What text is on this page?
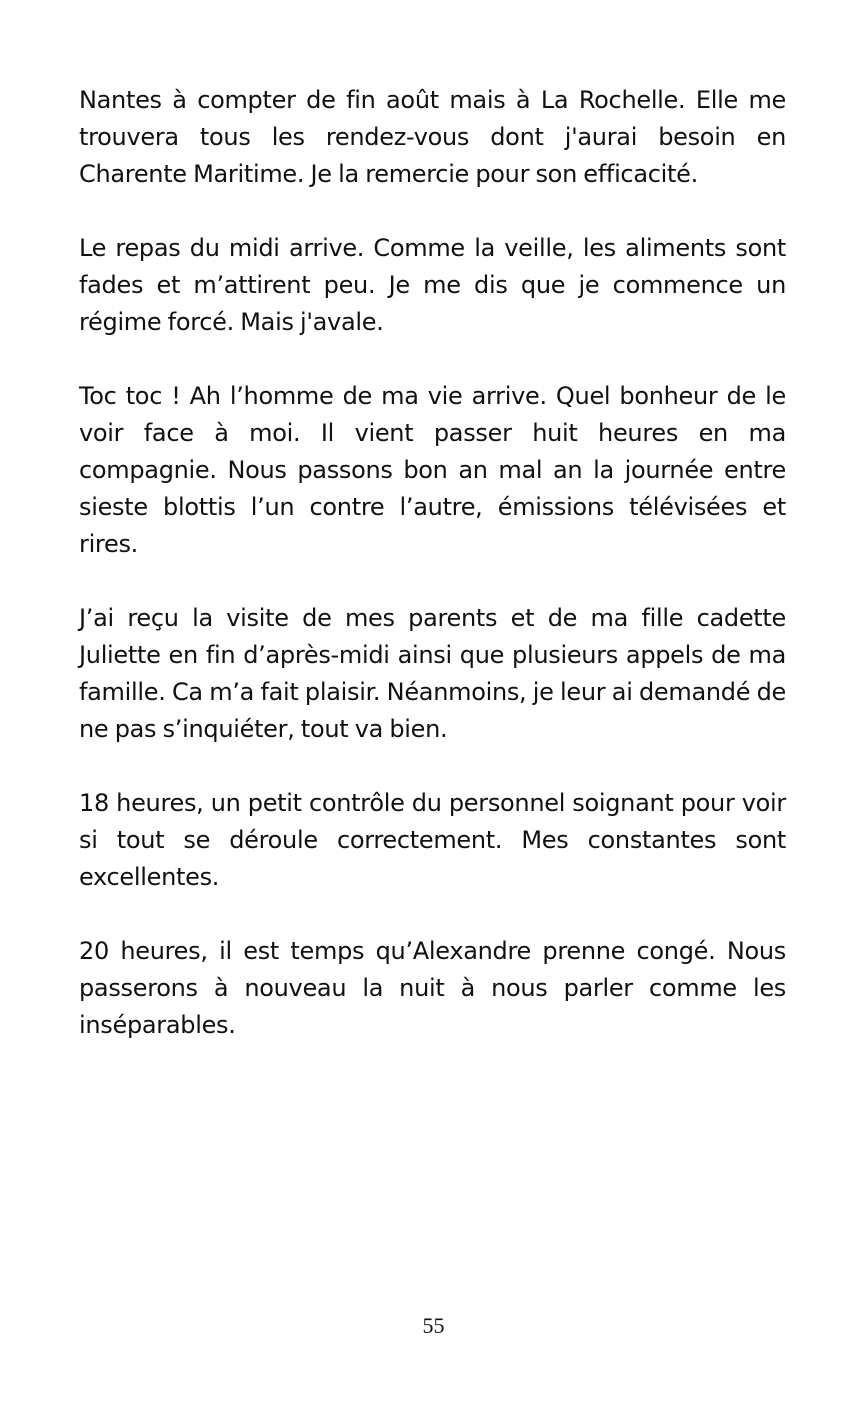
Nantes à compter de fin août mais à La Rochelle. Elle me trouvera tous les rendez-vous dont j'aurai besoin en Charente Maritime. Je la remercie pour son efficacité.

Le repas du midi arrive. Comme la veille, les aliments sont fades et m’attirent peu. Je me dis que je commence un régime forcé. Mais j'avale.

Toc toc ! Ah l’homme de ma vie arrive. Quel bonheur de le voir face à moi. Il vient passer huit heures en ma compagnie. Nous passons bon an mal an la journée entre sieste blottis l’un contre l’autre, émissions télévisées et rires.

J’ai reçu la visite de mes parents et de ma fille cadette Juliette en fin d’après-midi ainsi que plusieurs appels de ma famille. Ca m’a fait plaisir. Néanmoins, je leur ai demandé de ne pas s’inquiéter, tout va bien.

18 heures, un petit contrôle du personnel soignant pour voir si tout se déroule correctement. Mes constantes sont excellentes.

20 heures, il est temps qu’Alexandre prenne congé. Nous passerons à nouveau la nuit à nous parler comme les inséparables.

55
